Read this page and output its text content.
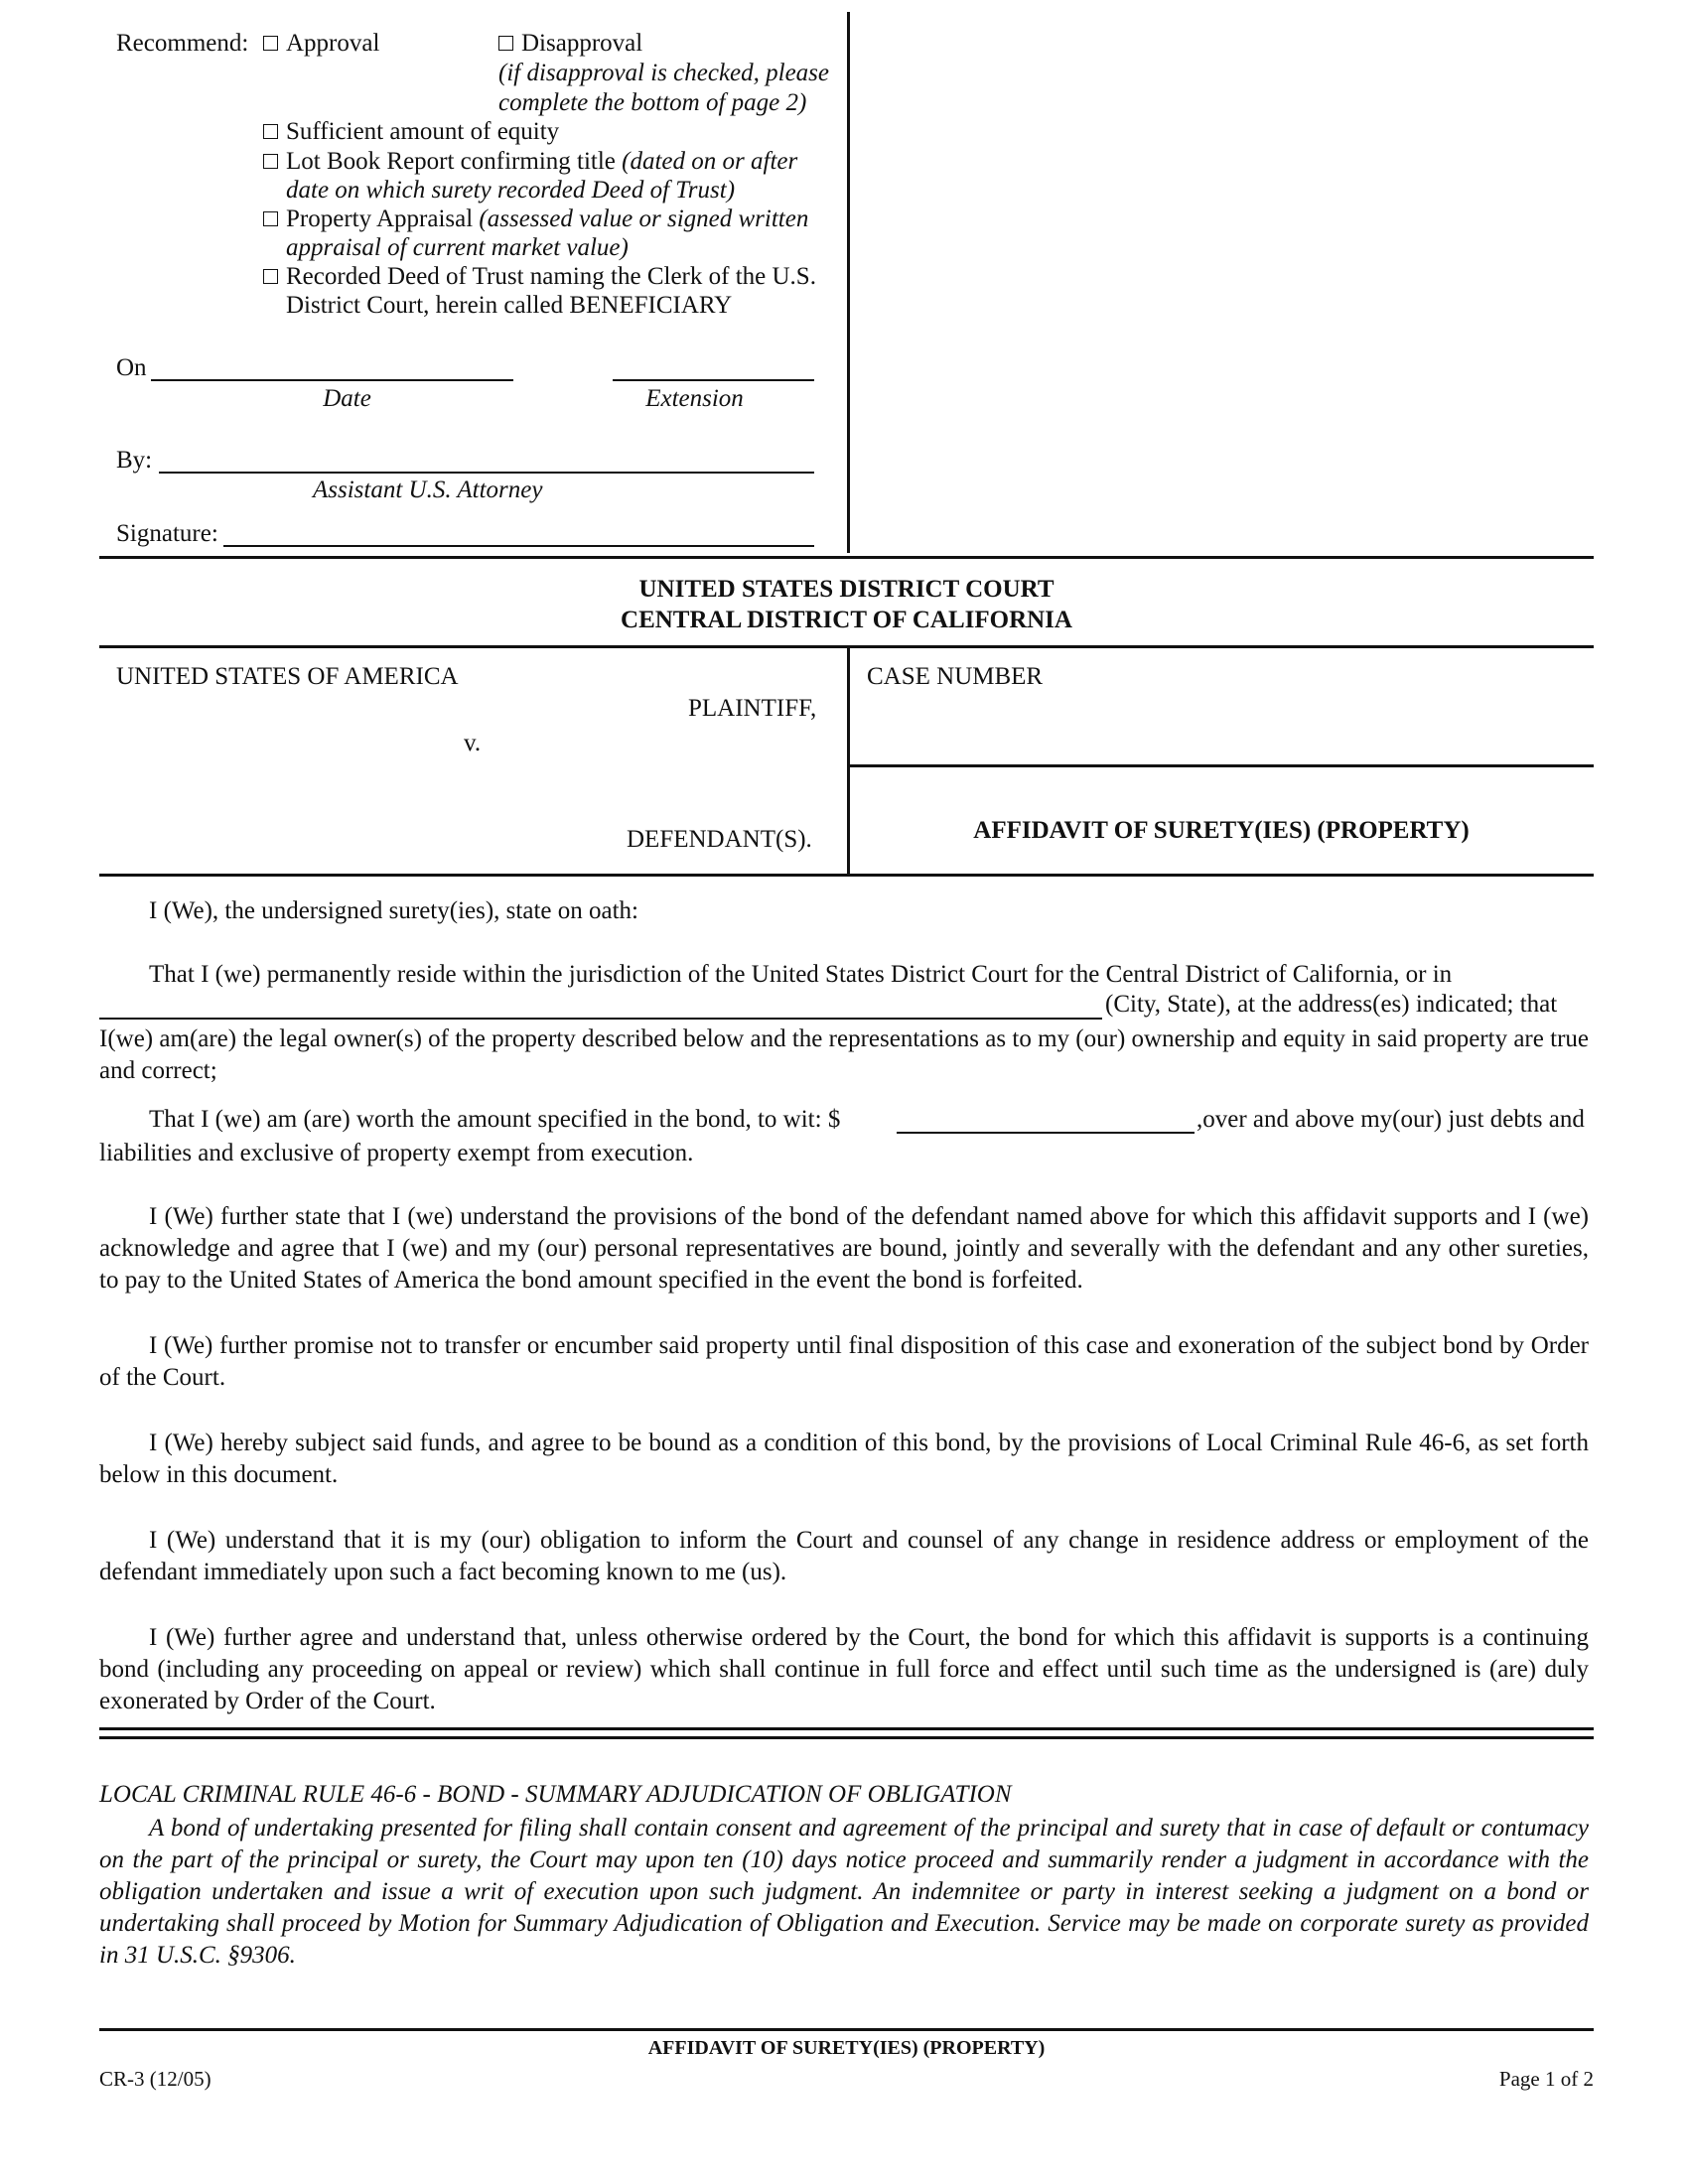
Recommend:	Approval	Disapproval
(if disapproval is checked, please
complete the bottom of page 2)
Sufficient amount of equity
Lot Book Report confirming title (dated on or after
date on which surety recorded Deed of Trust)
Property Appraisal (assessed value or signed written
appraisal of current market value)
Recorded Deed of Trust naming the Clerk of the U.S.
District Court, herein called BENEFICIARY
On
Date	Extension
By:
Assistant U.S. Attorney
Signature:
UNITED STATES DISTRICT COURT
CENTRAL DISTRICT OF CALIFORNIA
UNITED STATES OF AMERICA
PLAINTIFF,
v.
DEFENDANT(S).
CASE NUMBER
AFFIDAVIT OF SURETY(IES) (PROPERTY)
I (We), the undersigned surety(ies), state on oath:
That I (we) permanently reside within the jurisdiction of the United States District Court for the Central District of California, or in
(City, State), at the address(es) indicated; that
I(we) am(are) the legal owner(s) of the property described below and the representations as to my (our) ownership and equity in said property are true and correct;
That I (we) am (are) worth the amount specified in the bond, to wit: $	,over and above my(our) just debts and
liabilities and exclusive of property exempt from execution.
I (We) further state that I (we) understand the provisions of the bond of the defendant named above for which this affidavit supports and I (we) acknowledge and agree that I (we) and my (our) personal representatives are bound, jointly and severally with the defendant and any other sureties, to pay to the United States of America the bond amount specified in the event the bond is forfeited.
I (We) further promise not to transfer or encumber said property until final disposition of this case and exoneration of the subject bond by Order of the Court.
I (We) hereby subject said funds, and agree to be bound as a condition of this bond, by the provisions of Local Criminal Rule 46-6, as set forth below in this document.
I (We) understand that it is my (our) obligation to inform the Court and counsel of any change in residence address or employment of the defendant immediately upon such a fact becoming known to me (us).
I (We) further agree and understand that, unless otherwise ordered by the Court, the bond for which this affidavit is supports is a continuing bond (including any proceeding on appeal or review) which shall continue in full force and effect until such time as the undersigned is (are) duly exonerated by Order of the Court.
LOCAL CRIMINAL RULE 46-6 - BOND - SUMMARY ADJUDICATION OF OBLIGATION
A bond of undertaking presented for filing shall contain consent and agreement of the principal and surety that in case of default or contumacy on the part of the principal or surety, the Court may upon ten (10) days notice proceed and summarily render a judgment in accordance with the obligation undertaken and issue a writ of execution upon such judgment. An indemnitee or party in interest seeking a judgment on a bond or undertaking shall proceed by Motion for Summary Adjudication of Obligation and Execution. Service may be made on corporate surety as provided in 31 U.S.C. §9306.
AFFIDAVIT OF SURETY(IES) (PROPERTY)
CR-3 (12/05)	Page 1 of 2
